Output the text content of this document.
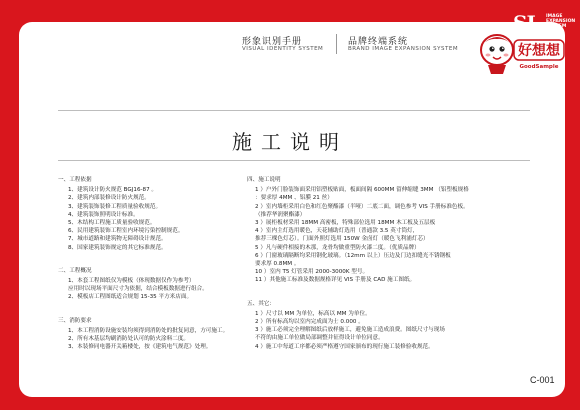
形象识别手册
VISUAL IDENTITY SYSTEM
品牌终端系统
BRAND IMAGE EXPANSION SYSTEM
SI IMAGE
EXPANSION
SYSTEM
好想想
GoodSample
施工说明
一、工程依据
1、建筑设计防火规范 BGJ16-87 。
2、建筑内部装修设计防火规范。
3、建筑装饰装修工程质量验收规范。
4、建筑装饰照明设计标准。
5、木结构工程施工质量验收规范。
6、民用建筑装饰工程室内环境污染控制规范。
7、城市道路和建筑物无障碍设计规范。
8、国家建筑装饰规定的其它标准规范。
二、工程概况
1、本套工程图纸仅为模板（体现数据仅作为参考）
应用时以现场平面尺寸为依据，结合模板数据进行组合。
2、模板店工程图纸适合规划 15-35 平方米店面。
三、消防要求
1、本工程消防设施安装均须得到消防处的批复同意，方可施工。
2、所有木基层均刷消防处认可的防火涂料二度。
3、本装修同电器开关箱楼处，按《建筑电气规范》处理。
四、施工说明
1 ）户外门脸装饰面采用铝塑板贴面，板面间隔 600MM 留伸缩缝 3MM （铝塑板规格
：要求厚 4MM 、铝膜 21 丝）
2 ）室内墙柜采用白色和红色聚酯漆（半哑）二底二面，调色参考 VIS 手册标准色板。
（推荐华润聚酯漆）
3 ）展柜板材采用 18MM 高密板，特殊部位选用 18MM 木工板及五层板
4 ）室内主灯选用暖色，天花辅助灯选用（普通款 3.5 英寸筒灯，
推荐三棵色灯芯）。门面外照灯选用 150W 金卤灯（暖色飞利浦灯芯）
5 ）凡与硬件相接的木那，龙骨均做重型防火漆二度。（优质品牌）
6 ）门窗玻璃隔断均采用钢化玻璃。（12mm 以上）压边及门边扣缝光不锈钢板
要求厚 0.8MM 。
10 ）室内 T5 灯管采用 2000-3000K 型号。
11 ）其他施工标准及数据规格详见 VIS 手册及 CAD 施工图纸。
五、其它：
1 ）尺寸以 MM 为单位，标高以 MM 为单位。
2 ）所有标高均以室内完成面为士 0.000 。
3 ）施工必须完全理解图纸后放样施工，避免施工造成浪费。图纸尺寸与现场
不符的由施工单位做局部调整并征得设计单位同意。
4 ）施工中每道工序都必须严格遵守国家颁布的现行施工装修验收规范。
C-001
